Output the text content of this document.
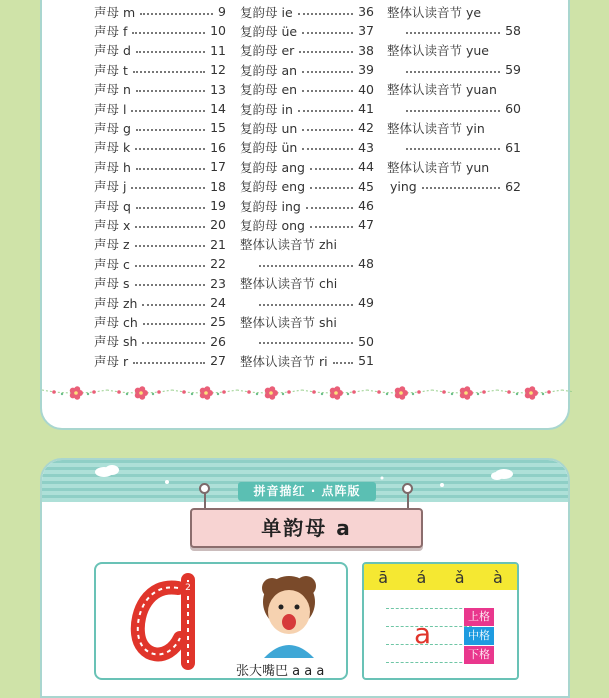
声母 m	9
声母 f	10
声母 d	11
声母 t	12
声母 n	13
声母 l	14
声母 g	15
声母 k	16
声母 h	17
声母 j	18
声母 q	19
声母 x	20
声母 z	21
声母 c	22
声母 s	23
声母 zh	24
声母 ch	25
声母 sh	26
声母 r	27
复韵母 ie	36
复韵母 üe	37
复韵母 er	38
复韵母 an	39
复韵母 en	40
复韵母 in	41
复韵母 un	42
复韵母 ün	43
复韵母 ang	44
复韵母 eng	45
复韵母 ing	46
复韵母 ong	47
整体认读音节 zhi
48
整体认读音节 chi
49
整体认读音节 shi
50
整体认读音节 ri 51
整体认读音节 ye
58
整体认读音节 yue
59
整体认读音节 yuan
60
整体认读音节 yin
61
整体认读音节 yun
ying	62
拼音描红 · 点阵版
单韵母 a
2
张大嘴巴 a a a
ā á ǎ à
a
上格
中格
下格
